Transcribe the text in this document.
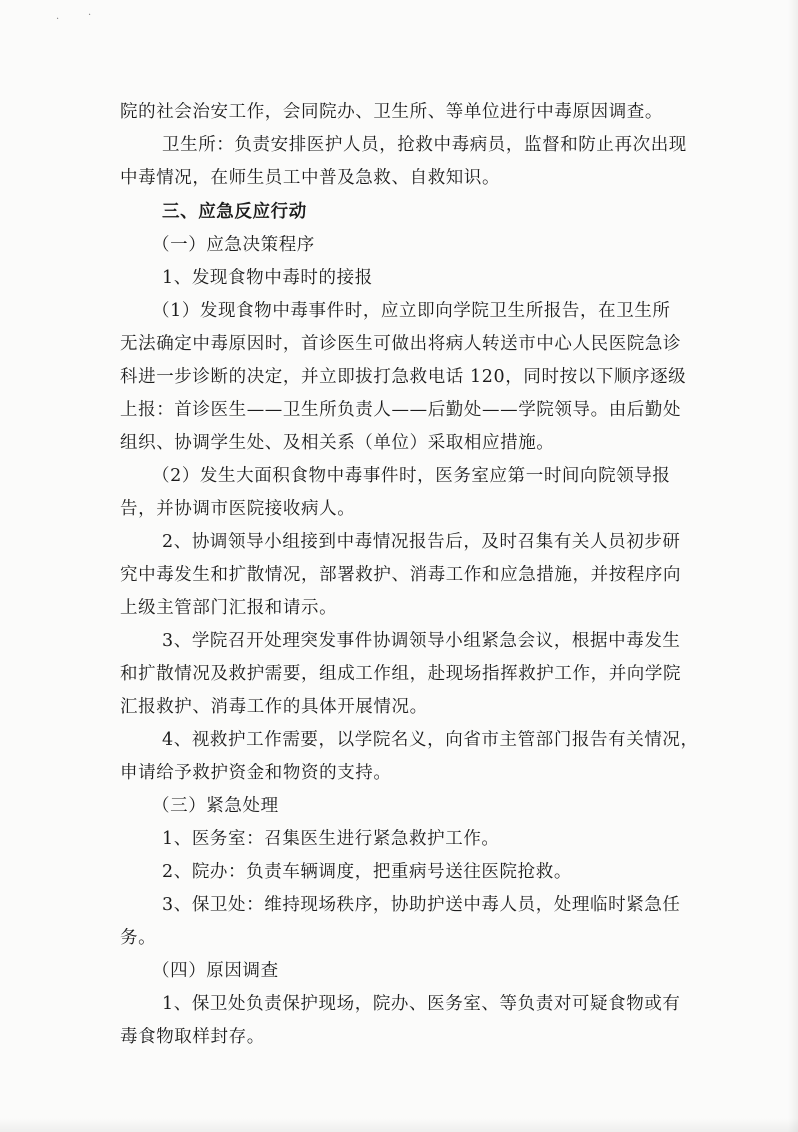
·	·
院的社会治安工作，会同院办、卫生所、等单位进行中毒原因调查。
卫生所：负责安排医护人员，抢救中毒病员，监督和防止再次出现
中毒情况，在师生员工中普及急救、自救知识。
三、应急反应行动
（一）应急决策程序
1、发现食物中毒时的接报
（1）发现食物中毒事件时，应立即向学院卫生所报告，在卫生所
无法确定中毒原因时，首诊医生可做出将病人转送市中心人民医院急诊
科进一步诊断的决定，并立即拔打急救电话 120，同时按以下顺序逐级
上报：首诊医生——卫生所负责人——后勤处——学院领导。由后勤处
组织、协调学生处、及相关系（单位）采取相应措施。
（2）发生大面积食物中毒事件时，医务室应第一时间向院领导报
告，并协调市医院接收病人。
2、协调领导小组接到中毒情况报告后，及时召集有关人员初步研
究中毒发生和扩散情况，部署救护、消毒工作和应急措施，并按程序向
上级主管部门汇报和请示。
3、学院召开处理突发事件协调领导小组紧急会议，根据中毒发生
和扩散情况及救护需要，组成工作组，赴现场指挥救护工作，并向学院
汇报救护、消毒工作的具体开展情况。
4、视救护工作需要，以学院名义，向省市主管部门报告有关情况，
申请给予救护资金和物资的支持。
（三）紧急处理
1、医务室：召集医生进行紧急救护工作。
2、院办：负责车辆调度，把重病号送往医院抢救。
3、保卫处：维持现场秩序，协助护送中毒人员，处理临时紧急任
务。
（四）原因调查
1、保卫处负责保护现场，院办、医务室、等负责对可疑食物或有
毒食物取样封存。
